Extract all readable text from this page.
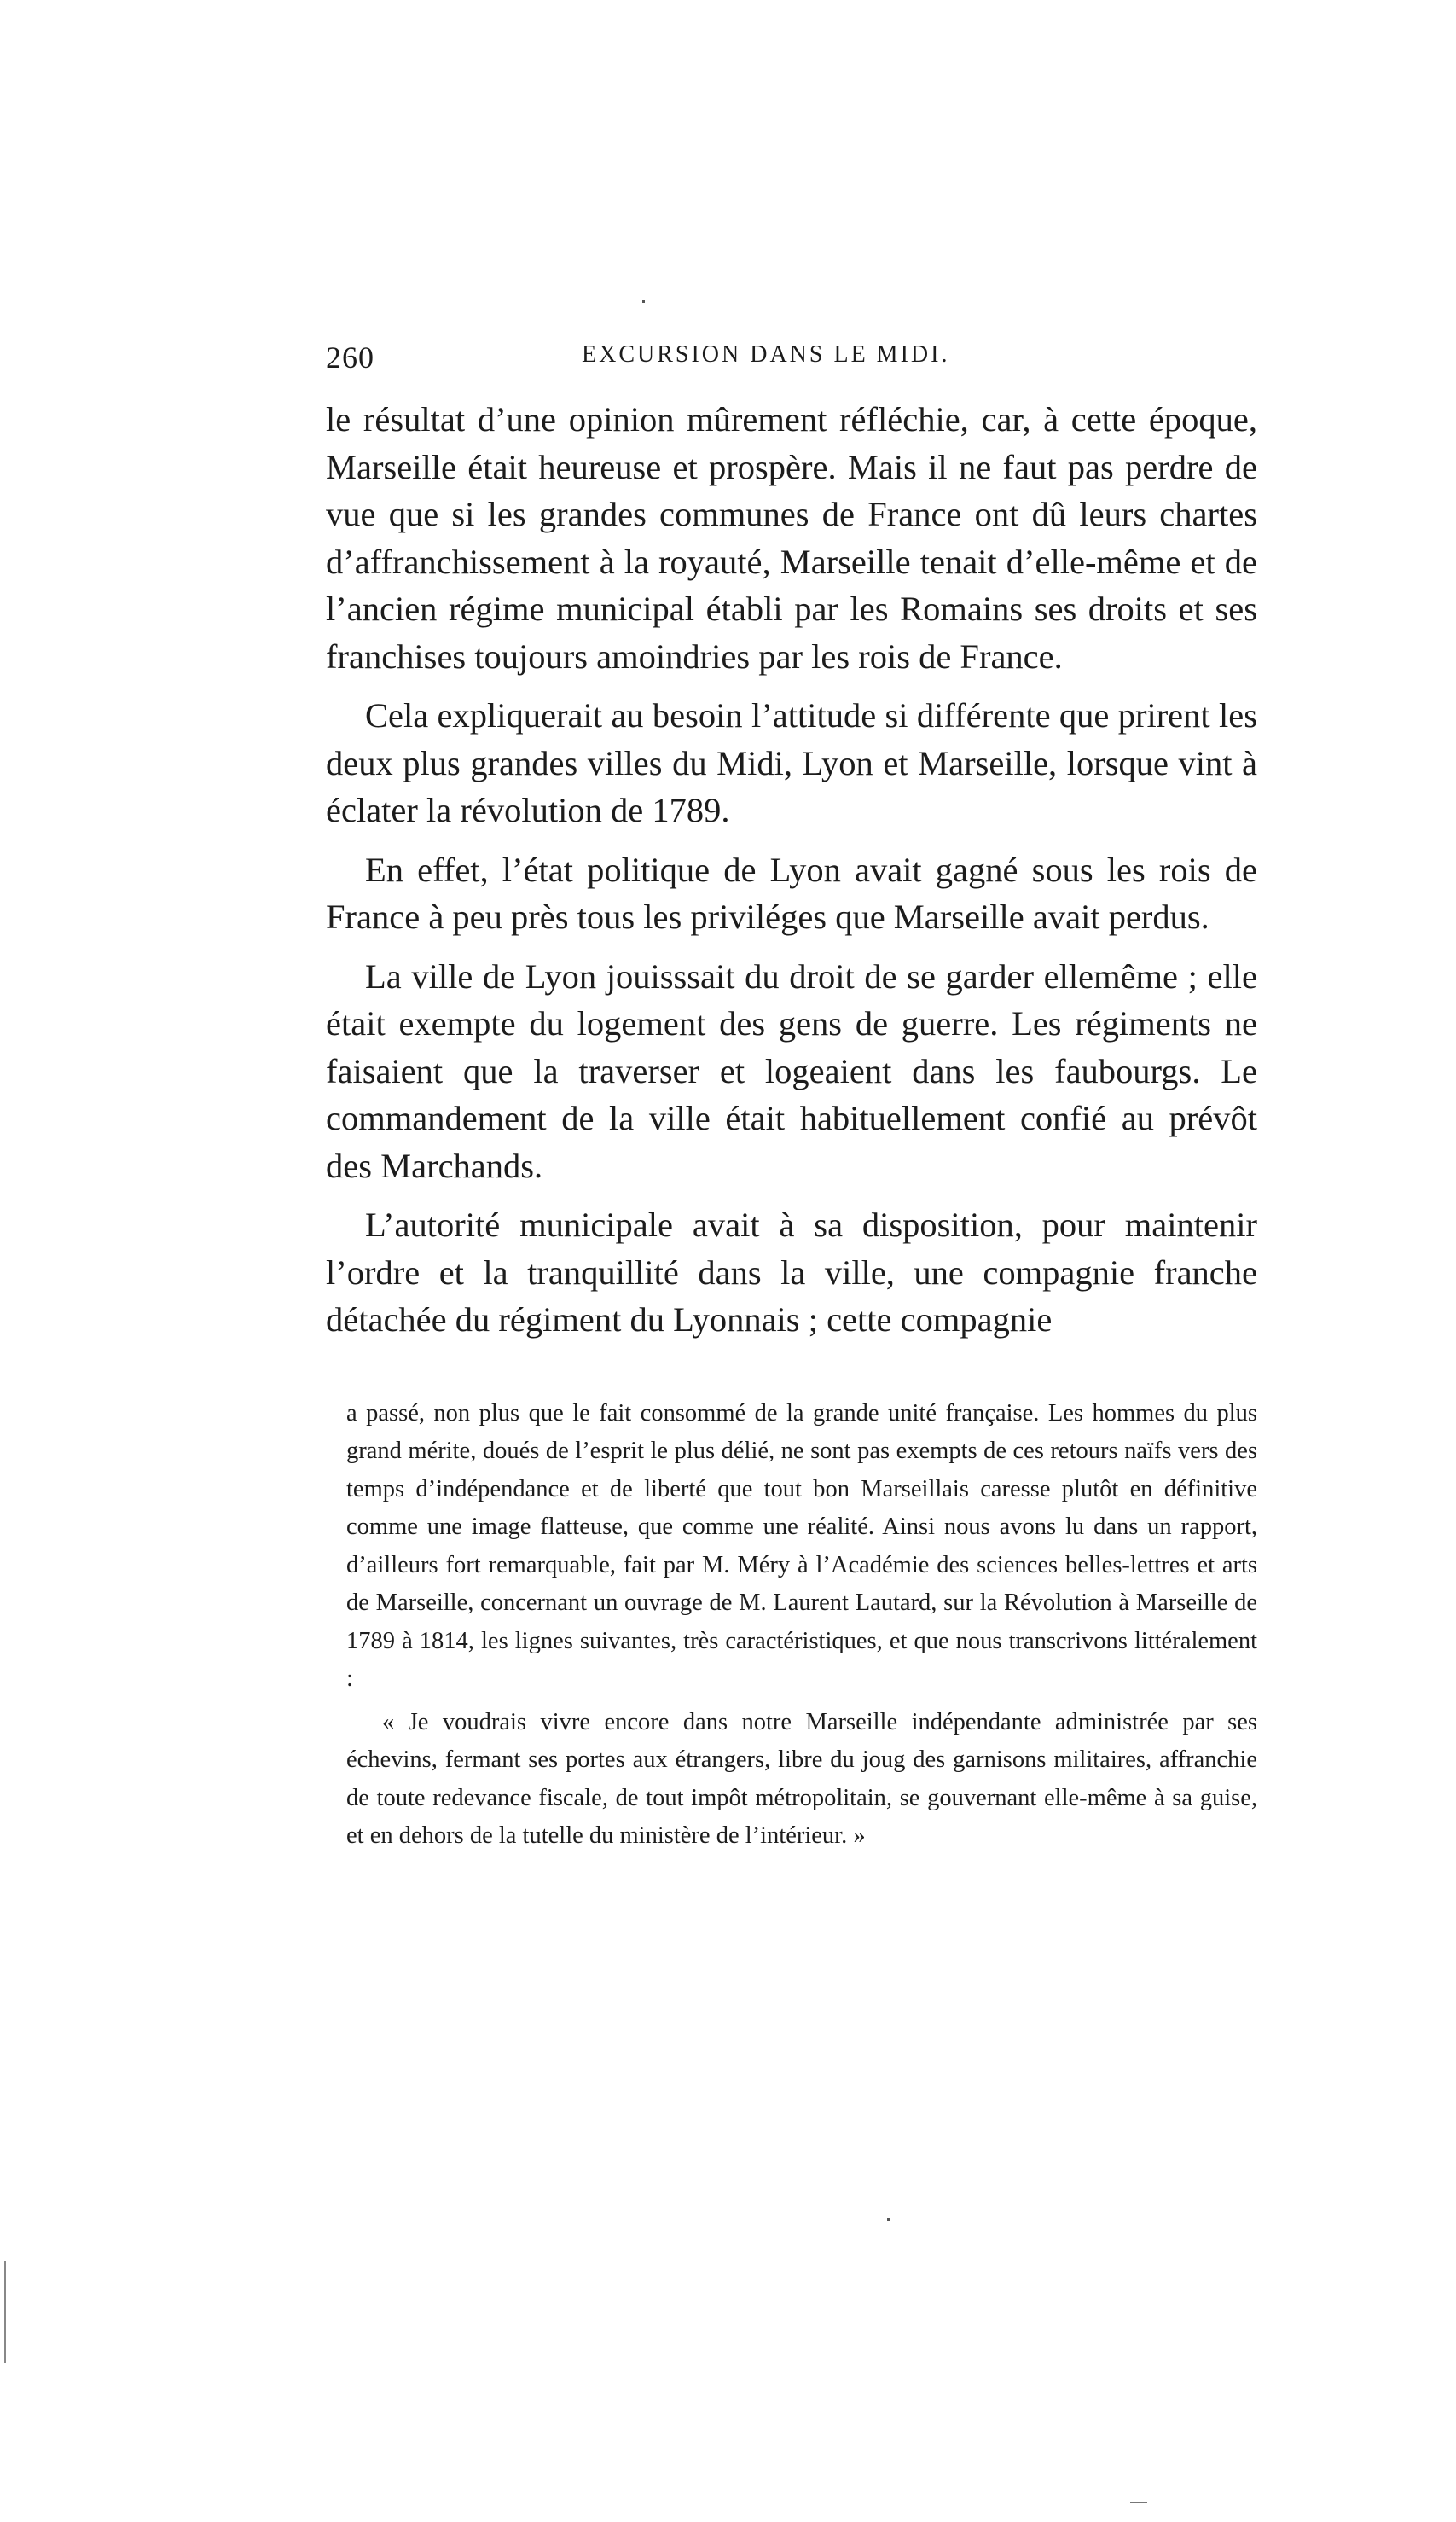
260	EXCURSION DANS LE MIDI.

le résultat d’une opinion mûrement réfléchie, car, à cette époque, Marseille était heureuse et prospère. Mais il ne faut pas perdre de vue que si les grandes communes de France ont dû leurs chartes d’affranchissement à la royauté, Marseille tenait d’elle-même et de l’ancien régime municipal établi par les Romains ses droits et ses franchises toujours amoindries par les rois de France.

Cela expliquerait au besoin l’attitude si différente que prirent les deux plus grandes villes du Midi, Lyon et Marseille, lorsque vint à éclater la révolution de 1789.

En effet, l’état politique de Lyon avait gagné sous les rois de France à peu près tous les priviléges que Marseille avait perdus.

La ville de Lyon jouisssait du droit de se garder ellemême ; elle était exempte du logement des gens de guerre. Les régiments ne faisaient que la traverser et logeaient dans les faubourgs. Le commandement de la ville était habituellement confié au prévôt des Marchands.

L’autorité municipale avait à sa disposition, pour maintenir l’ordre et la tranquillité dans la ville, une compagnie franche détachée du régiment du Lyonnais ; cette compagnie

a passé, non plus que le fait consommé de la grande unité française. Les hommes du plus grand mérite, doués de l’esprit le plus délié, ne sont pas exempts de ces retours naïfs vers des temps d’indépendance et de liberté que tout bon Marseillais caresse plutôt en définitive comme une image flatteuse, que comme une réalité. Ainsi nous avons lu dans un rapport, d’ailleurs fort remarquable, fait par M. Méry à l’Académie des sciences belles-lettres et arts de Marseille, concernant un ouvrage de M. Laurent Lautard, sur la Révolution à Marseille de 1789 à 1814, les lignes suivantes, très caractéristiques, et que nous transcrivons littéralement :

« Je voudrais vivre encore dans notre Marseille indépendante administrée par ses échevins, fermant ses portes aux étrangers, libre du joug des garnisons militaires, affranchie de toute redevance fiscale, de tout impôt métropolitain, se gouvernant elle-même à sa guise, et en dehors de la tutelle du ministère de l’intérieur. »
